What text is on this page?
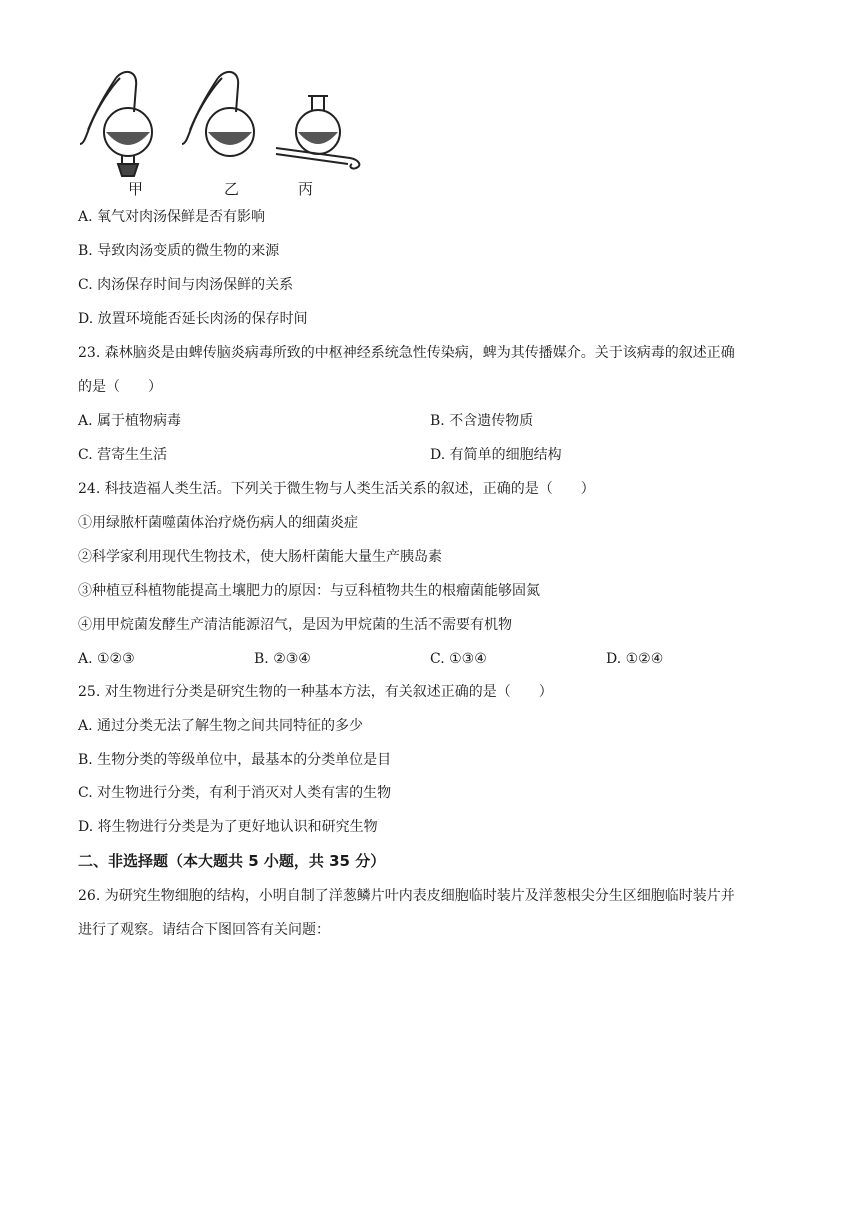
甲	乙	丙
A. 氧气对肉汤保鲜是否有影响
B. 导致肉汤变质的微生物的来源
C. 肉汤保存时间与肉汤保鲜的关系
D. 放置环境能否延长肉汤的保存时间
23. 森林脑炎是由蜱传脑炎病毒所致的中枢神经系统急性传染病，蜱为其传播媒介。关于该病毒的叙述正确
的是（　　）
A. 属于植物病毒	B. 不含遗传物质
C. 营寄生生活	D. 有简单的细胞结构
24. 科技造福人类生活。下列关于微生物与人类生活关系的叙述，正确的是（　　）
①用绿脓杆菌噬菌体治疗烧伤病人的细菌炎症
②科学家利用现代生物技术，使大肠杆菌能大量生产胰岛素
③种植豆科植物能提高土壤肥力的原因：与豆科植物共生的根瘤菌能够固氮
④用甲烷菌发酵生产清洁能源沼气，是因为甲烷菌的生活不需要有机物
A. ①②③	B. ②③④	C. ①③④	D. ①②④
25. 对生物进行分类是研究生物的一种基本方法，有关叙述正确的是（　　）
A. 通过分类无法了解生物之间共同特征的多少
B. 生物分类的等级单位中，最基本的分类单位是目
C. 对生物进行分类，有利于消灭对人类有害的生物
D. 将生物进行分类是为了更好地认识和研究生物
二、非选择题（本大题共 5 小题，共 35 分）
26. 为研究生物细胞的结构，小明自制了洋葱鳞片叶内表皮细胞临时装片及洋葱根尖分生区细胞临时装片并
进行了观察。请结合下图回答有关问题：
